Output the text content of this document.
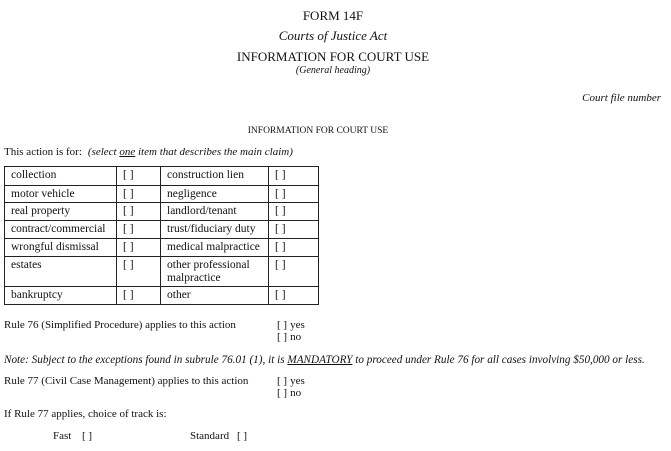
FORM 14F
Courts of Justice Act
INFORMATION FOR COURT USE
(General heading)
Court file number
INFORMATION FOR COURT USE
This action is for: (select one item that describes the main claim)
collection	[ ]	construction lien	[ ]
motor vehicle	[ ]	negligence	[ ]
real property	[ ]	landlord/tenant	[ ]
contract/commercial	[ ]	trust/fiduciary duty	[ ]
wrongful dismissal	[ ]	medical malpractice	[ ]
estates	[ ]	other professional malpractice	[ ]
bankruptcy	[ ]	other	[ ]
Rule 76 (Simplified Procedure) applies to this action	[ ] yes
[ ] no
Note: Subject to the exceptions found in subrule 76.01 (1), it is MANDATORY to proceed under Rule 76 for all cases involving $50,000 or less.
Rule 77 (Civil Case Management) applies to this action	[ ] yes
[ ] no
If Rule 77 applies, choice of track is:
Fast [ ]	Standard [ ]
